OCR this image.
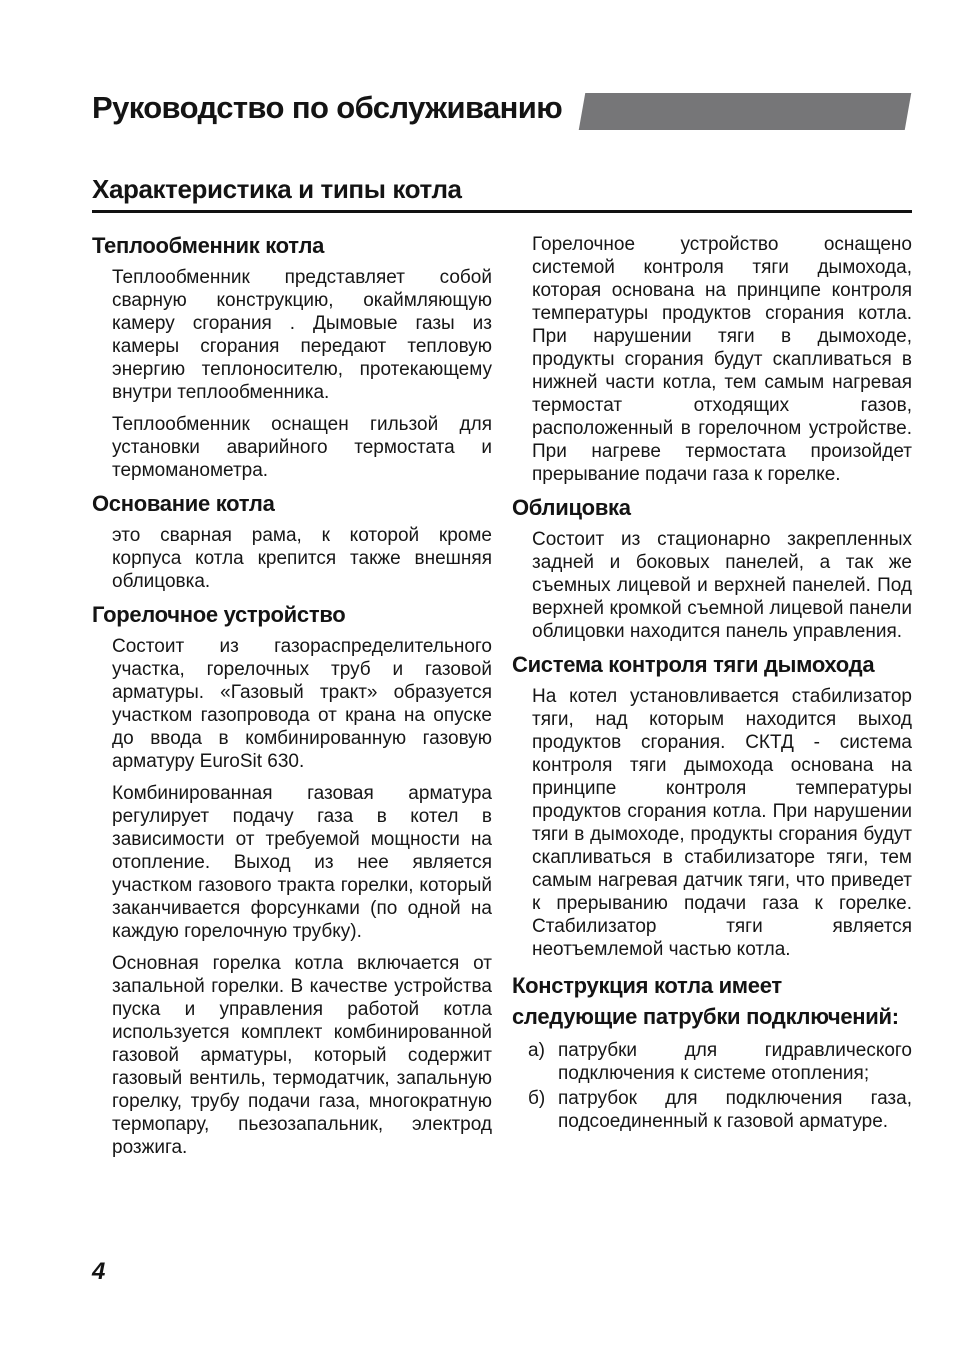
Руководство по обслуживанию
Характеристика и типы котла
Теплообменник котла

Теплообменник представляет собой сварную конструкцию, окаймляющую камеру сгорания . Дымовые газы из камеры сгорания передают тепловую энергию теплоносителю, протекающему внутри теплообменника.

Теплообменник оснащен гильзой для установки аварийного термостата и термоманометра.

Основание котла

это сварная рама, к которой кроме корпуса котла крепится также внешняя облицовка.

Горелочное устройство

Состоит из газораспределительного участка, горелочных труб и газовой арматуры. «Газовый тракт» образуется участком газопровода от крана на опуске до ввода в комбинированную газовую арматуру EuroSit 630.

Комбинированная газовая арматура регулирует подачу газа в котел в зависимости от требуемой мощности на отопление. Выход из нее является участком газового тракта горелки, который заканчивается форсунками (по одной на каждую горелочную трубку).

Основная горелка котла включается от запальной горелки. В качестве устройства пуска и управления работой котла используется комплект комбинированной газовой арматуры, который содержит газовый вентиль, термодатчик, запальную горелку, трубу подачи газа, многократную термопару, пьезозапальник, электрод розжига.

Горелочное устройство оснащено системой контроля тяги дымохода, которая основана на принципе контроля температуры продуктов сгорания котла. При нарушении тяги в дымоходе, продукты сгорания будут скапливаться в нижней части котла, тем самым нагревая термостат отходящих газов, расположенный в горелочном устройстве. При нагреве термостата произойдет прерывание подачи газа к горелке.

Облицовка

Состоит из стационарно закрепленных задней и боковых панелей, а так же съемных лицевой и верхней панелей. Под верхней кромкой съемной лицевой панели облицовки находится панель управления.

Система контроля тяги дымохода

На котел установливается стабилизатор тяги, над которым находится выход продуктов сгорания. СКТД - система контроля тяги дымохода основана на принципе контроля температуры продуктов сгорания котла. При нарушении тяги в дымоходе, продукты сгорания будут скапливаться в стабилизаторе тяги, тем самым нагревая датчик тяги, что приведет к прерыванию подачи газа к горелке. Стабилизатор тяги является неотъемлемой частью котла.

Конструкция котла имеет следующие патрубки подключений:
а) патрубки для гидравлического подключения к системе отопления;
б) патрубок для подключения газа, подсоединенный к газовой арматуре.
4
